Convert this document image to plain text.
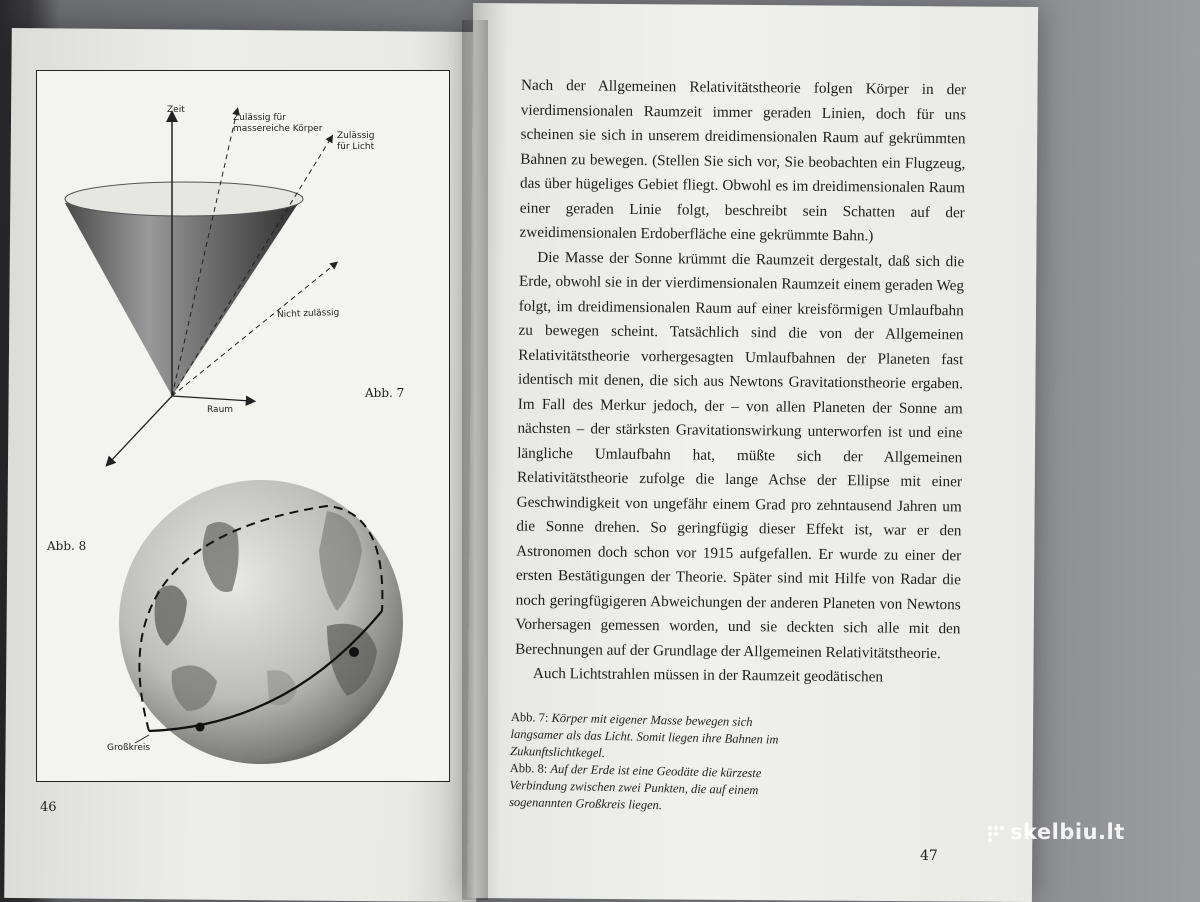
Zeit
Zulässig für
massereiche Körper
Zulässig
für Licht
Nicht zulässig
Raum
Abb. 7
Abb. 8
Großkreis
46

Nach der Allgemeinen Relativitätstheorie folgen Körper in der vierdimensionalen Raumzeit immer geraden Linien, doch für uns scheinen sie sich in unserem dreidimensionalen Raum auf gekrümmten Bahnen zu bewegen. (Stellen Sie sich vor, Sie beobachten ein Flugzeug, das über hügeliges Gebiet fliegt. Obwohl es im dreidimensionalen Raum einer geraden Linie folgt, beschreibt sein Schatten auf der zweidimensionalen Erdoberfläche eine gekrümmte Bahn.)

Die Masse der Sonne krümmt die Raumzeit dergestalt, daß sich die Erde, obwohl sie in der vierdimensionalen Raumzeit einem geraden Weg folgt, im dreidimensionalen Raum auf einer kreisförmigen Umlaufbahn zu bewegen scheint. Tatsächlich sind die von der Allgemeinen Relativitätstheorie vorhergesagten Umlaufbahnen der Planeten fast identisch mit denen, die sich aus Newtons Gravitationstheorie ergaben. Im Fall des Merkur jedoch, der – von allen Planeten der Sonne am nächsten – der stärksten Gravitationswirkung unterworfen ist und eine längliche Umlaufbahn hat, müßte sich der Allgemeinen Relativitätstheorie zufolge die lange Achse der Ellipse mit einer Geschwindigkeit von ungefähr einem Grad pro zehntausend Jahren um die Sonne drehen. So geringfügig dieser Effekt ist, war er den Astronomen doch schon vor 1915 aufgefallen. Er wurde zu einer der ersten Bestätigungen der Theorie. Später sind mit Hilfe von Radar die noch geringfügigeren Abweichungen der anderen Planeten von Newtons Vorhersagen gemessen worden, und sie deckten sich alle mit den Berechnungen auf der Grundlage der Allgemeinen Relativitätstheorie.

Auch Lichtstrahlen müssen in der Raumzeit geodätischen

Abb. 7: Körper mit eigener Masse bewegen sich langsamer als das Licht. Somit liegen ihre Bahnen im Zukunftslichtkegel.
Abb. 8: Auf der Erde ist eine Geodäte die kürzeste Verbindung zwischen zwei Punkten, die auf einem sogenannten Großkreis liegen.
47
skelbiu.lt
